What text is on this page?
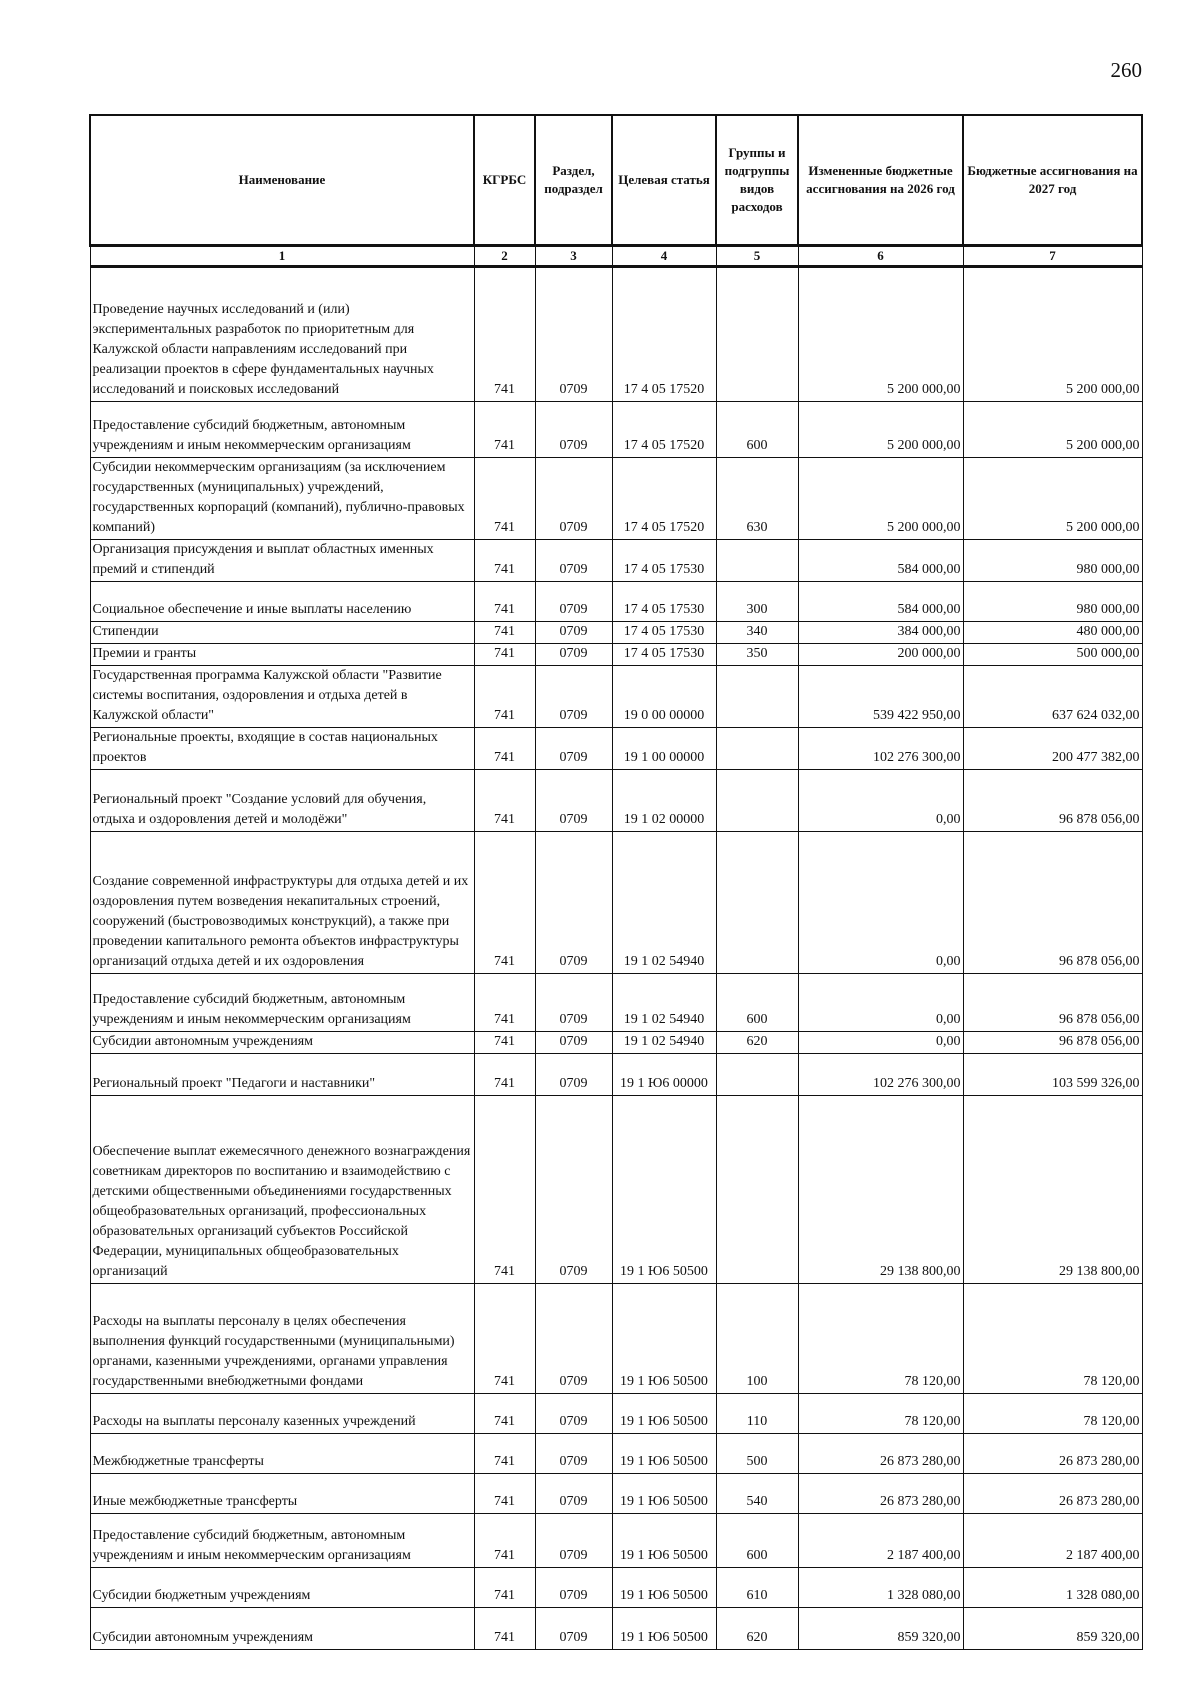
260
Наименование	КГРБС	Раздел, подраздел	Целевая статья	Группы и подгруппы видов расходов	Измененные бюджетные ассигнования на 2026 год	Бюджетные ассигнования на 2027 год
1	2	3	4	5	6	7
Проведение научных исследований и (или) экспериментальных разработок по приоритетным для Калужской области направлениям исследований при реализации проектов в сфере фундаментальных научных исследований и поисковых исследований	741	0709	17 4 05 17520		5 200 000,00	5 200 000,00
Предоставление субсидий бюджетным, автономным учреждениям и иным некоммерческим организациям	741	0709	17 4 05 17520	600	5 200 000,00	5 200 000,00
Субсидии некоммерческим организациям (за исключением государственных (муниципальных) учреждений, государственных корпораций (компаний), публично-правовых компаний)	741	0709	17 4 05 17520	630	5 200 000,00	5 200 000,00
Организация присуждения и выплат областных именных премий и стипендий	741	0709	17 4 05 17530		584 000,00	980 000,00
Социальное обеспечение и иные выплаты населению	741	0709	17 4 05 17530	300	584 000,00	980 000,00
Стипендии	741	0709	17 4 05 17530	340	384 000,00	480 000,00
Премии и гранты	741	0709	17 4 05 17530	350	200 000,00	500 000,00
Государственная программа Калужской области "Развитие системы воспитания, оздоровления и отдыха детей в Калужской области"	741	0709	19 0 00 00000		539 422 950,00	637 624 032,00
Региональные проекты, входящие в состав национальных проектов	741	0709	19 1 00 00000		102 276 300,00	200 477 382,00
Региональный проект "Создание условий для обучения, отдыха и оздоровления детей и молодёжи"	741	0709	19 1 02 00000		0,00	96 878 056,00
Создание современной инфраструктуры для отдыха детей и их оздоровления путем возведения некапитальных строений, сооружений (быстровозводимых конструкций), а также при проведении капитального ремонта объектов инфраструктуры организаций отдыха детей и их оздоровления	741	0709	19 1 02 54940		0,00	96 878 056,00
Предоставление субсидий бюджетным, автономным учреждениям и иным некоммерческим организациям	741	0709	19 1 02 54940	600	0,00	96 878 056,00
Субсидии автономным учреждениям	741	0709	19 1 02 54940	620	0,00	96 878 056,00
Региональный проект "Педагоги и наставники"	741	0709	19 1 Ю6 00000		102 276 300,00	103 599 326,00
Обеспечение выплат ежемесячного денежного вознаграждения советникам директоров по воспитанию и взаимодействию с детскими общественными объединениями государственных общеобразовательных организаций, профессиональных образовательных организаций субъектов Российской Федерации, муниципальных общеобразовательных организаций	741	0709	19 1 Ю6 50500		29 138 800,00	29 138 800,00
Расходы на выплаты персоналу в целях обеспечения выполнения функций государственными (муниципальными) органами, казенными учреждениями, органами управления государственными внебюджетными фондами	741	0709	19 1 Ю6 50500	100	78 120,00	78 120,00
Расходы на выплаты персоналу казенных учреждений	741	0709	19 1 Ю6 50500	110	78 120,00	78 120,00
Межбюджетные трансферты	741	0709	19 1 Ю6 50500	500	26 873 280,00	26 873 280,00
Иные межбюджетные трансферты	741	0709	19 1 Ю6 50500	540	26 873 280,00	26 873 280,00
Предоставление субсидий бюджетным, автономным учреждениям и иным некоммерческим организациям	741	0709	19 1 Ю6 50500	600	2 187 400,00	2 187 400,00
Субсидии бюджетным учреждениям	741	0709	19 1 Ю6 50500	610	1 328 080,00	1 328 080,00
Субсидии автономным учреждениям	741	0709	19 1 Ю6 50500	620	859 320,00	859 320,00
